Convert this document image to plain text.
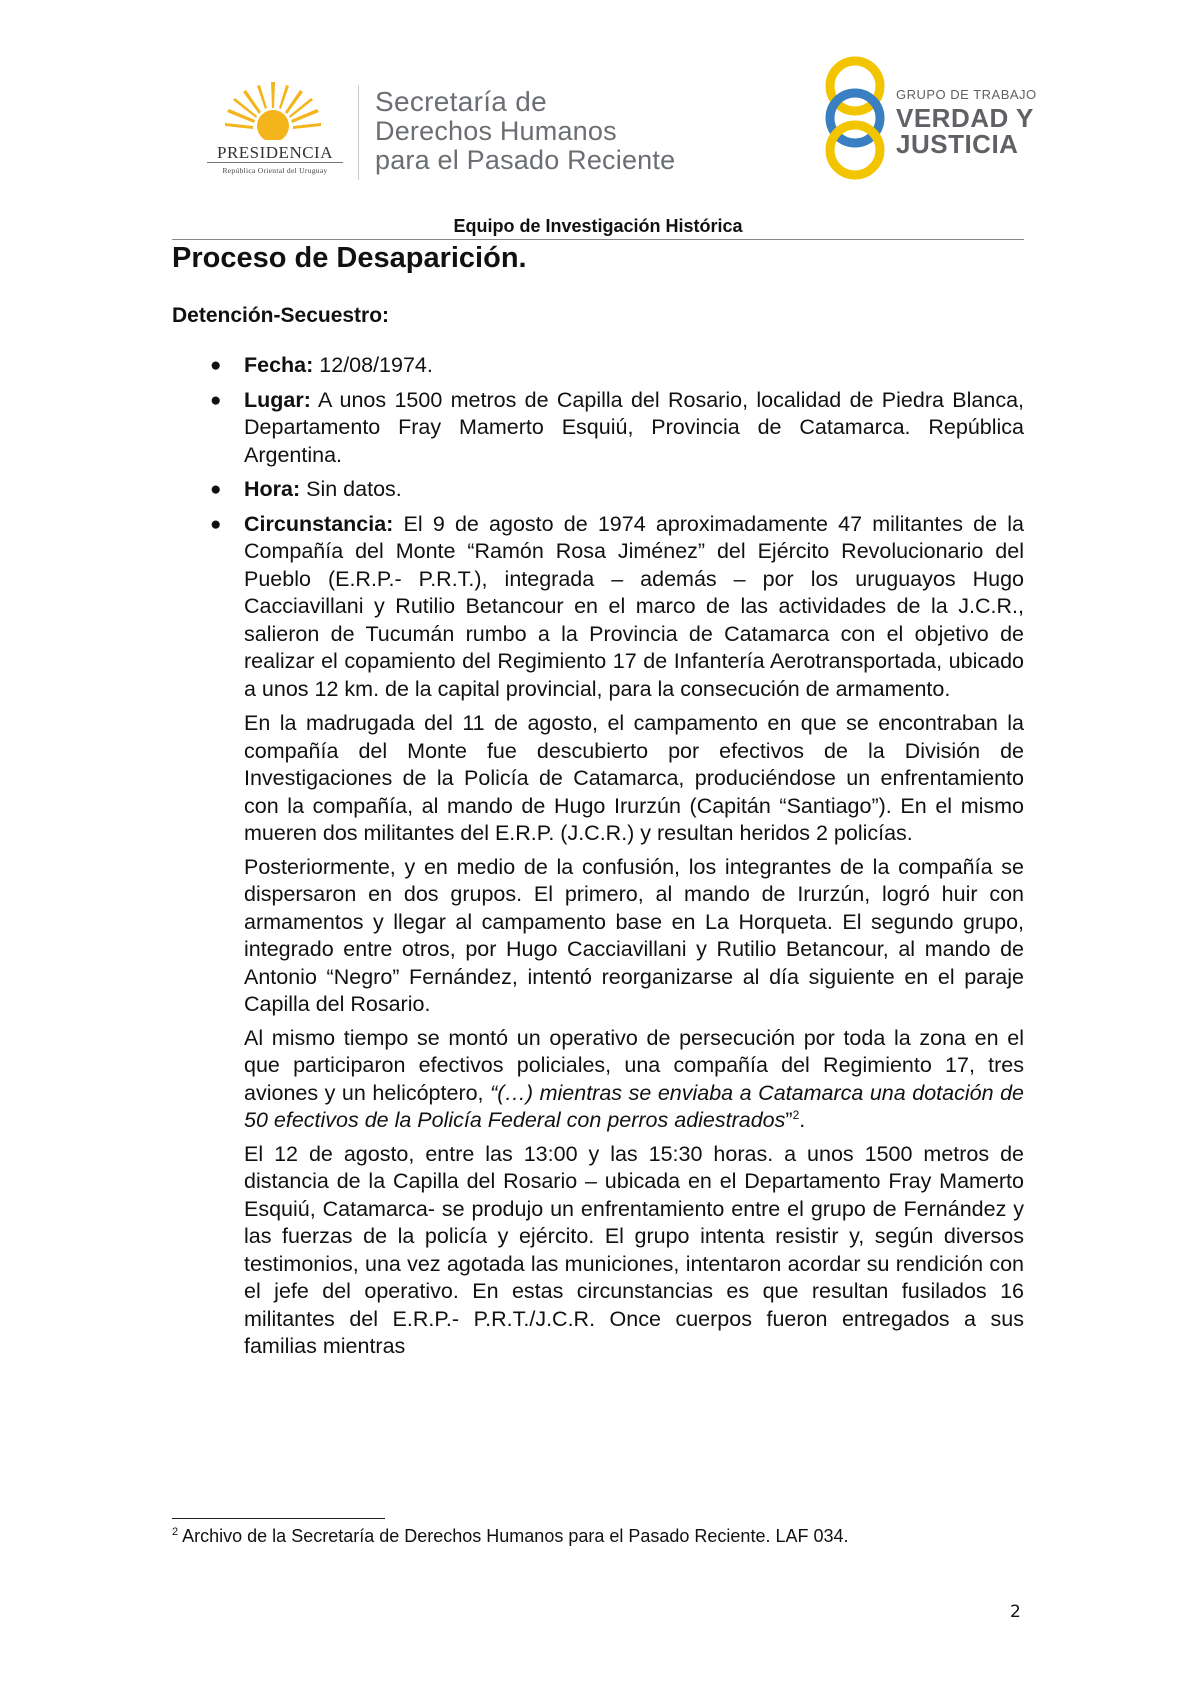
PRESIDENCIA
República Oriental del Uruguay
Secretaría de
Derechos Humanos
para el Pasado Reciente
GRUPO DE TRABAJO
VERDAD Y
JUSTICIA
Equipo de Investigación Histórica
Proceso de Desaparición.
Detención-Secuestro:
● Fecha: 12/08/1974.
● Lugar: A unos 1500 metros de Capilla del Rosario, localidad de Piedra Blanca, Departamento Fray Mamerto Esquiú, Provincia de Catamarca. República Argentina.
● Hora: Sin datos.
● Circunstancia: El 9 de agosto de 1974 aproximadamente 47 militantes de la Compañía del Monte “Ramón Rosa Jiménez” del Ejército Revolucionario del Pueblo (E.R.P.- P.R.T.), integrada – además – por los uruguayos Hugo Cacciavillani y Rutilio Betancour en el marco de las actividades de la J.C.R., salieron de Tucumán rumbo a la Provincia de Catamarca con el objetivo de realizar el copamiento del Regimiento 17 de Infantería Aerotransportada, ubicado a unos 12 km. de la capital provincial, para la consecución de armamento.

En la madrugada del 11 de agosto, el campamento en que se encontraban la compañía del Monte fue descubierto por efectivos de la División de Investigaciones de la Policía de Catamarca, produciéndose un enfrentamiento con la compañía, al mando de Hugo Irurzún (Capitán “Santiago”). En el mismo mueren dos militantes del E.R.P. (J.C.R.) y resultan heridos 2 policías.

Posteriormente, y en medio de la confusión, los integrantes de la compañía se dispersaron en dos grupos. El primero, al mando de Irurzún, logró huir con armamentos y llegar al campamento base en La Horqueta. El segundo grupo, integrado entre otros, por Hugo Cacciavillani y Rutilio Betancour, al mando de Antonio “Negro” Fernández, intentó reorganizarse al día siguiente en el paraje Capilla del Rosario.

Al mismo tiempo se montó un operativo de persecución por toda la zona en el que participaron efectivos policiales, una compañía del Regimiento 17, tres aviones y un helicóptero, “(…) mientras se enviaba a Catamarca una dotación de 50 efectivos de la Policía Federal con perros adiestrados”$^2$.

El 12 de agosto, entre las 13:00 y las 15:30 horas. a unos 1500 metros de distancia de la Capilla del Rosario – ubicada en el Departamento Fray Mamerto Esquiú, Catamarca- se produjo un enfrentamiento entre el grupo de Fernández y las fuerzas de la policía y ejército. El grupo intenta resistir y, según diversos testimonios, una vez agotada las municiones, intentaron acordar su rendición con el jefe del operativo. En estas circunstancias es que resultan fusilados 16 militantes del E.R.P.- P.R.T./J.C.R. Once cuerpos fueron entregados a sus familias mientras

$^2$ Archivo de la Secretaría de Derechos Humanos para el Pasado Reciente. LAF 034.
2
